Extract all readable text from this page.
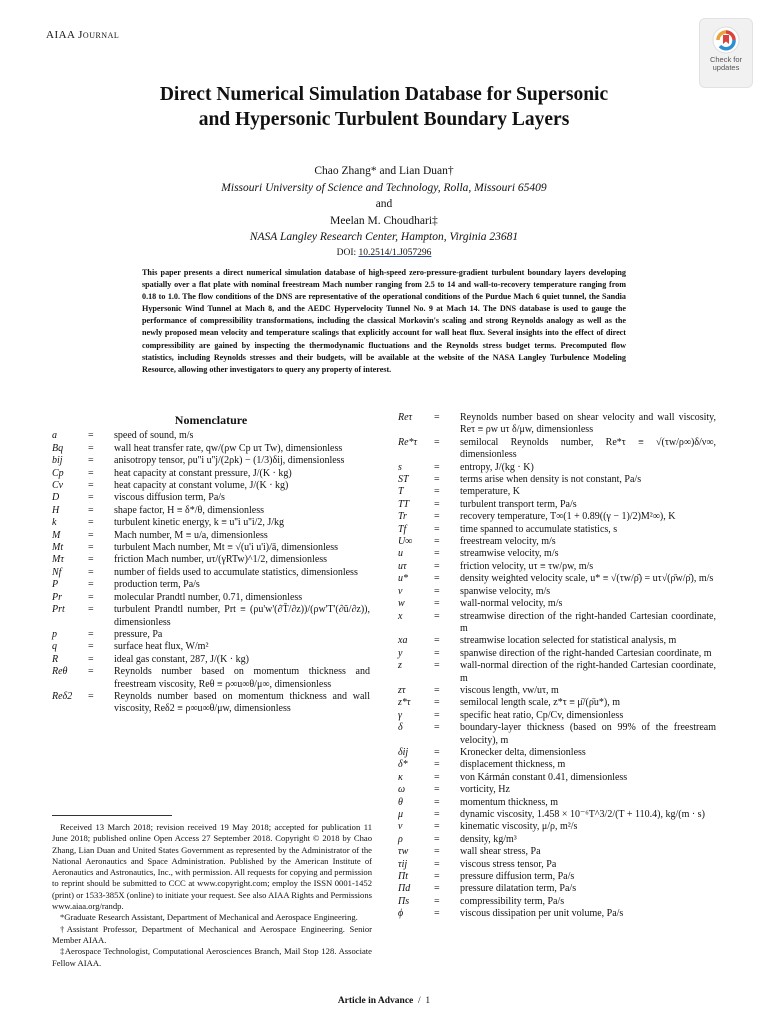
AIAA Journal
Check for
updates
Direct Numerical Simulation Database for Supersonic
and Hypersonic Turbulent Boundary Layers
Chao Zhang* and Lian Duan†
Missouri University of Science and Technology, Rolla, Missouri 65409
and
Meelan M. Choudhari‡
NASA Langley Research Center, Hampton, Virginia 23681
DOI: 10.2514/1.J057296
This paper presents a direct numerical simulation database of high-speed zero-pressure-gradient turbulent boundary layers developing spatially over a flat plate with nominal freestream Mach number ranging from 2.5 to 14 and wall-to-recovery temperature ranging from 0.18 to 1.0. The flow conditions of the DNS are representative of the operational conditions of the Purdue Mach 6 quiet tunnel, the Sandia Hypersonic Wind Tunnel at Mach 8, and the AEDC Hypervelocity Tunnel No. 9 at Mach 14. The DNS database is used to gauge the performance of compressibility transformations, including the classical Morkovin's scaling and strong Reynolds analogy as well as the newly proposed mean velocity and temperature scalings that explicitly account for wall heat flux. Several insights into the effect of direct compressibility are gained by inspecting the thermodynamic fluctuations and the Reynolds stress budget terms. Precomputed flow statistics, including Reynolds stresses and their budgets, will be available at the website of the NASA Langley Turbulence Modeling Resource, allowing other investigators to query any property of interest.
Nomenclature
a	=	speed of sound, m/s
Bq	=	wall heat transfer rate, qw/(ρw Cp uτ Tw), dimensionless
bij	=	anisotropy tensor, ρu''i u''j/(2ρk) − (1/3)δij, dimensionless
Cp	=	heat capacity at constant pressure, J/(K · kg)
Cv	=	heat capacity at constant volume, J/(K · kg)
D	=	viscous diffusion term, Pa/s
H	=	shape factor, H ≡ δ*/θ, dimensionless
k	=	turbulent kinetic energy, k ≡ u''i u''i/2, J/kg
M	=	Mach number, M ≡ u/a, dimensionless
Mt	=	turbulent Mach number, Mt ≡ √(u'i u'i)/ā, dimensionless
Mτ	=	friction Mach number, uτ/(γRTw)^1/2, dimensionless
Nf	=	number of fields used to accumulate statistics, dimensionless
P	=	production term, Pa/s
Pr	=	molecular Prandtl number, 0.71, dimensionless
Prt	=	turbulent Prandtl number, Prt ≡ (ρu'w'(∂T̄/∂z))/(ρw'T'(∂ũ/∂z)), dimensionless
p	=	pressure, Pa
q	=	surface heat flux, W/m²
R	=	ideal gas constant, 287, J/(K · kg)
Reθ	=	Reynolds number based on momentum thickness and freestream viscosity, Reθ ≡ ρ∞u∞θ/μ∞, dimensionless
Reδ2	=	Reynolds number based on momentum thickness and wall viscosity, Reδ2 ≡ ρ∞u∞θ/μw, dimensionless
Reτ	=	Reynolds number based on shear velocity and wall viscosity, Reτ ≡ ρw uτ δ/μw, dimensionless
Re*τ	=	semilocal Reynolds number, Re*τ ≡ √(τw/ρ∞)δ/ν∞, dimensionless
s	=	entropy, J/(kg · K)
ST	=	terms arise when density is not constant, Pa/s
T	=	temperature, K
TT	=	turbulent transport term, Pa/s
Tr	=	recovery temperature, T∞(1 + 0.89((γ − 1)/2)M²∞), K
Tf	=	time spanned to accumulate statistics, s
U∞	=	freestream velocity, m/s
u	=	streamwise velocity, m/s
uτ	=	friction velocity, uτ ≡ τw/ρw, m/s
u*	=	density weighted velocity scale, u* ≡ √(τw/ρ̄) = uτ√(ρ̄w/ρ̄), m/s
v	=	spanwise velocity, m/s
w	=	wall-normal velocity, m/s
x	=	streamwise direction of the right-handed Cartesian coordinate, m
xa	=	streamwise location selected for statistical analysis, m
y	=	spanwise direction of the right-handed Cartesian coordinate, m
z	=	wall-normal direction of the right-handed Cartesian coordinate, m
zτ	=	viscous length, νw/uτ, m
z*τ	=	semilocal length scale, z*τ ≡ μ̄/(ρ̄u*), m
γ	=	specific heat ratio, Cp/Cv, dimensionless
δ	=	boundary-layer thickness (based on 99% of the freestream velocity), m
δij	=	Kronecker delta, dimensionless
δ*	=	displacement thickness, m
κ	=	von Kármán constant 0.41, dimensionless
ω	=	vorticity, Hz
θ	=	momentum thickness, m
μ	=	dynamic viscosity, 1.458 × 10⁻⁶T^3/2/(T + 110.4), kg/(m · s)
ν	=	kinematic viscosity, μ/ρ, m²/s
ρ	=	density, kg/m³
τw	=	wall shear stress, Pa
τij	=	viscous stress tensor, Pa
Πt	=	pressure diffusion term, Pa/s
Πd	=	pressure dilatation term, Pa/s
Πs	=	compressibility term, Pa/s
ϕ	=	viscous dissipation per unit volume, Pa/s

Received 13 March 2018; revision received 19 May 2018; accepted for publication 11 June 2018; published online Open Access 27 September 2018. Copyright © 2018 by Chao Zhang, Lian Duan and United States Government as represented by the Administrator of the National Aeronautics and Space Administration. Published by the American Institute of Aeronautics and Astronautics, Inc., with permission. All requests for copying and permission to reprint should be submitted to CCC at www.copyright.com; employ the ISSN 0001-1452 (print) or 1533-385X (online) to initiate your request. See also AIAA Rights and Permissions www.aiaa.org/randp.

*Graduate Research Assistant, Department of Mechanical and Aerospace Engineering.

†Assistant Professor, Department of Mechanical and Aerospace Engineering. Senior Member AIAA.

‡Aerospace Technologist, Computational Aerosciences Branch, Mail Stop 128. Associate Fellow AIAA.

Article in Advance / 1
